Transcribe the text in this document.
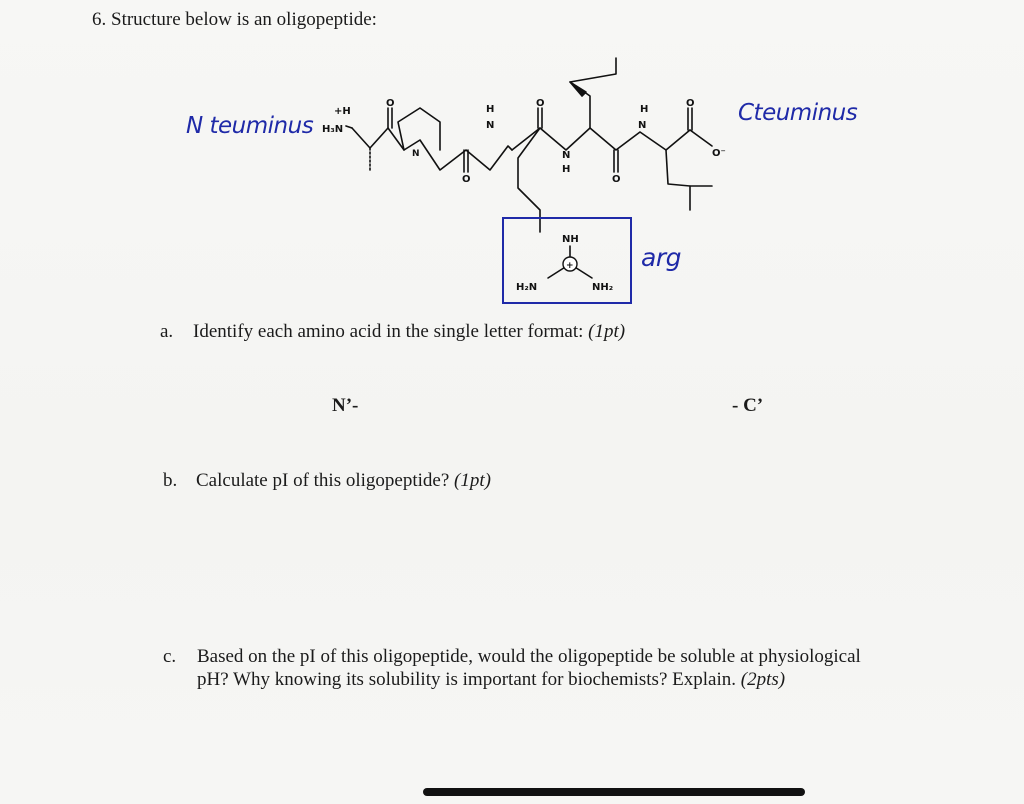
6. Structure below is an oligopeptide:
N teuminus	Cteuminus
arg
H₃N
+H
N
H
N
H
N
N
H
O
O
O
O
O
O⁻
NH
H₂N	NH₂
+
a. Identify each amino acid in the single letter format: (1pt)
N’-	- C’
b. Calculate pI of this oligopeptide? (1pt)
c. Based on the pI of this oligopeptide, would the oligopeptide be soluble at physiological pH? Why knowing its solubility is important for biochemists? Explain. (2pts)
